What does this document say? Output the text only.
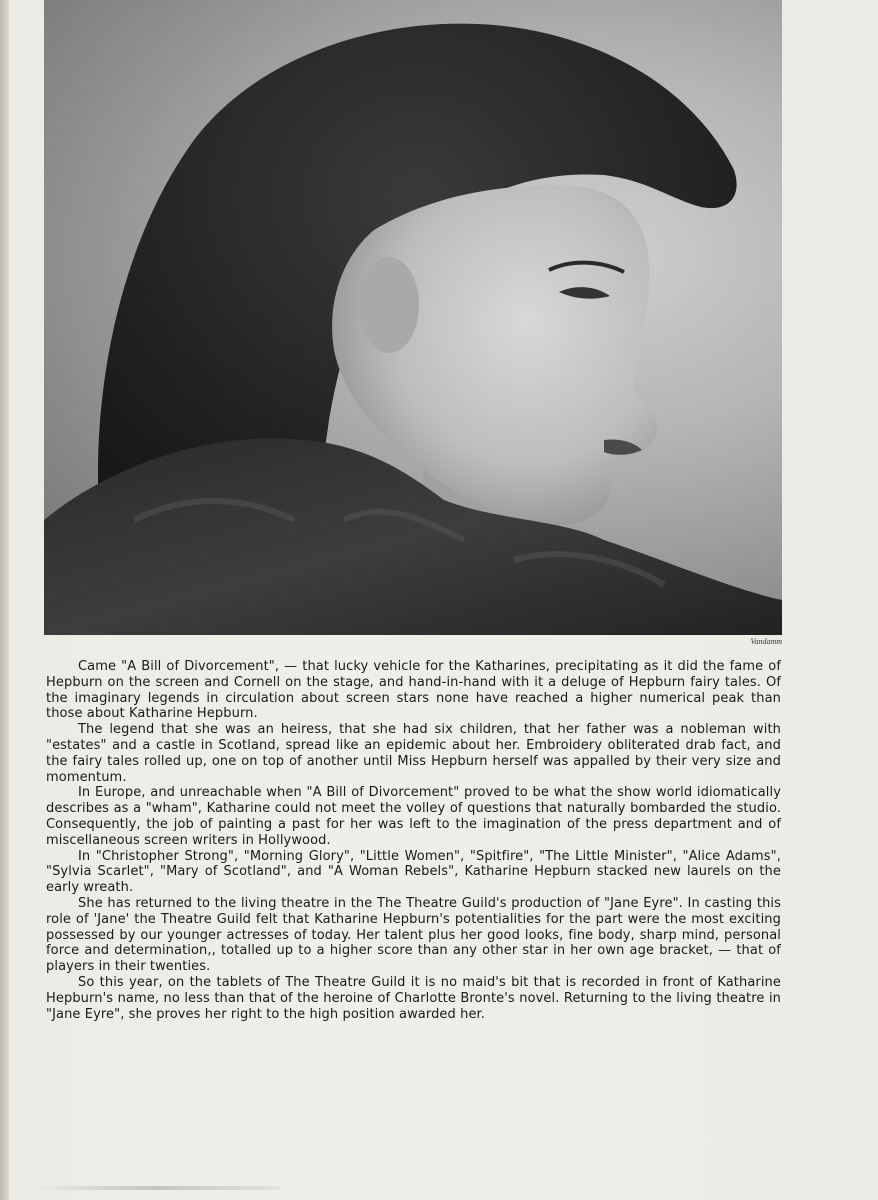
Vandamm

Came "A Bill of Divorcement", — that lucky vehicle for the Katharines, precipitating as it did the fame of Hepburn on the screen and Cornell on the stage, and hand-in-hand with it a deluge of Hepburn fairy tales. Of the imaginary legends in circulation about screen stars none have reached a higher numerical peak than those about Katharine Hepburn.

The legend that she was an heiress, that she had six children, that her father was a nobleman with "estates" and a castle in Scotland, spread like an epidemic about her. Embroidery obliterated drab fact, and the fairy tales rolled up, one on top of another until Miss Hepburn herself was appalled by their very size and momentum.

In Europe, and unreachable when "A Bill of Divorcement" proved to be what the show world idiomatically describes as a "wham", Katharine could not meet the volley of questions that naturally bombarded the studio. Consequently, the job of painting a past for her was left to the imagination of the press department and of miscellaneous screen writers in Hollywood.

In "Christopher Strong", "Morning Glory", "Little Women", "Spitfire", "The Little Minister", "Alice Adams", "Sylvia Scarlet", "Mary of Scotland", and "A Woman Rebels", Katharine Hepburn stacked new laurels on the early wreath.

She has returned to the living theatre in the The Theatre Guild's production of "Jane Eyre". In casting this role of 'Jane' the Theatre Guild felt that Katharine Hepburn's potentialities for the part were the most exciting possessed by our younger actresses of today. Her talent plus her good looks, fine body, sharp mind, personal force and determination,, totalled up to a higher score than any other star in her own age bracket, — that of players in their twenties.

So this year, on the tablets of The Theatre Guild it is no maid's bit that is recorded in front of Katharine Hepburn's name, no less than that of the heroine of Charlotte Bronte's novel. Returning to the living theatre in "Jane Eyre", she proves her right to the high position awarded her.
